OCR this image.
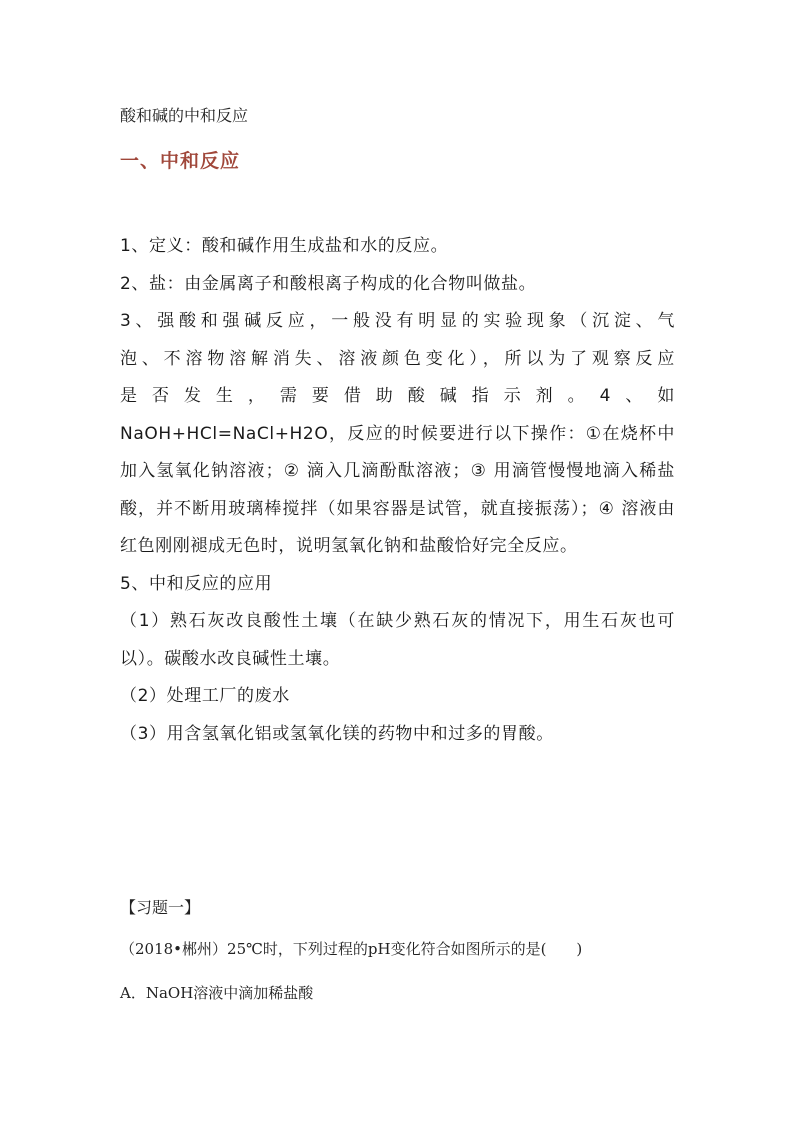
酸和碱的中和反应
一、中和反应

1、定义：酸和碱作用生成盐和水的反应。

2、盐：由金属离子和酸根离子构成的化合物叫做盐。

3、强酸和强碱反应，一般没有明显的实验现象（沉淀、气

泡、不溶物溶解消失、溶液颜色变化），所以为了观察反应

是否发生，需要借助酸碱指示剂。4、如

NaOH+HCl=NaCl+H2O，反应的时候要进行以下操作：①在烧杯中加入氢氧化钠溶液；② 滴入几滴酚酞溶液；③ 用滴管慢慢地滴入稀盐酸，并不断用玻璃棒搅拌（如果容器是试管，就直接振荡）；④ 溶液由红色刚刚褪成无色时，说明氢氧化钠和盐酸恰好完全反应。

5、中和反应的应用

（1）熟石灰改良酸性土壤（在缺少熟石灰的情况下，用生石灰也可以）。碳酸水改良碱性土壤。

（2）处理工厂的废水

（3）用含氢氧化铝或氢氧化镁的药物中和过多的胃酸。

【习题一】
（2018•郴州）25℃时，下列过程的pH变化符合如图所示的是(　　)
A．NaOH溶液中滴加稀盐酸
